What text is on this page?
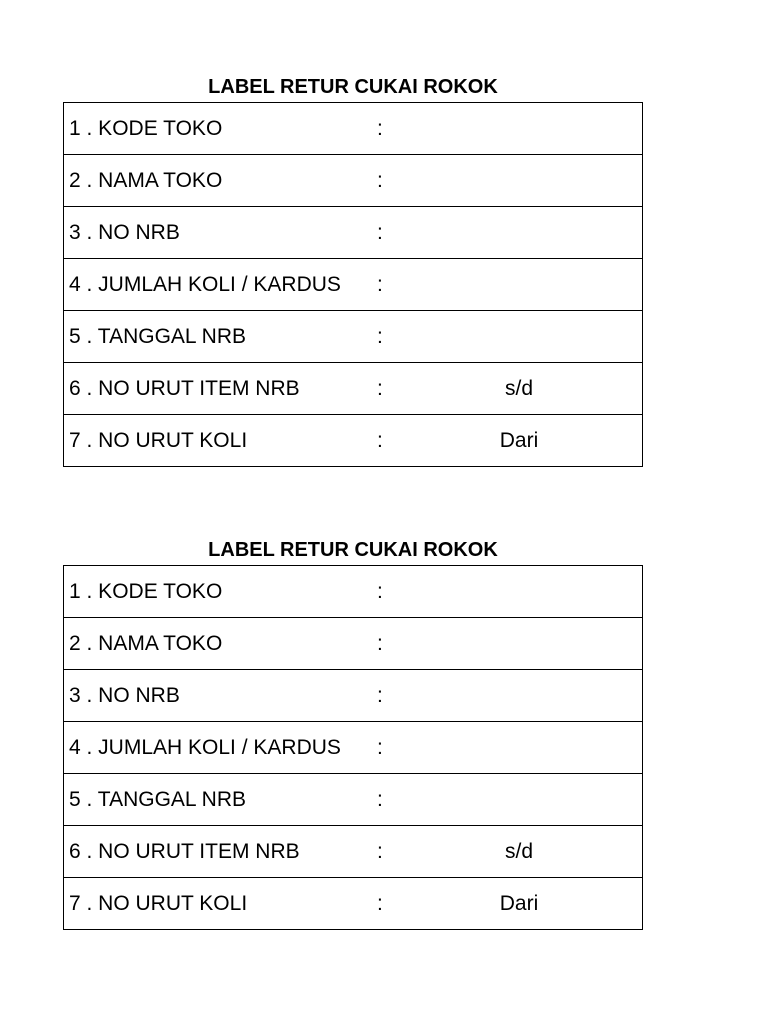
LABEL RETUR CUKAI ROKOK
1 . KODE TOKO	:
2 . NAMA TOKO	:
3 . NO NRB	:
4 . JUMLAH KOLI / KARDUS :
5 . TANGGAL NRB	:
6 . NO URUT ITEM NRB	:	s/d
7 . NO URUT KOLI	:	Dari
LABEL RETUR CUKAI ROKOK
1 . KODE TOKO	:
2 . NAMA TOKO	:
3 . NO NRB	:
4 . JUMLAH KOLI / KARDUS :
5 . TANGGAL NRB	:
6 . NO URUT ITEM NRB	:	s/d
7 . NO URUT KOLI	:	Dari
